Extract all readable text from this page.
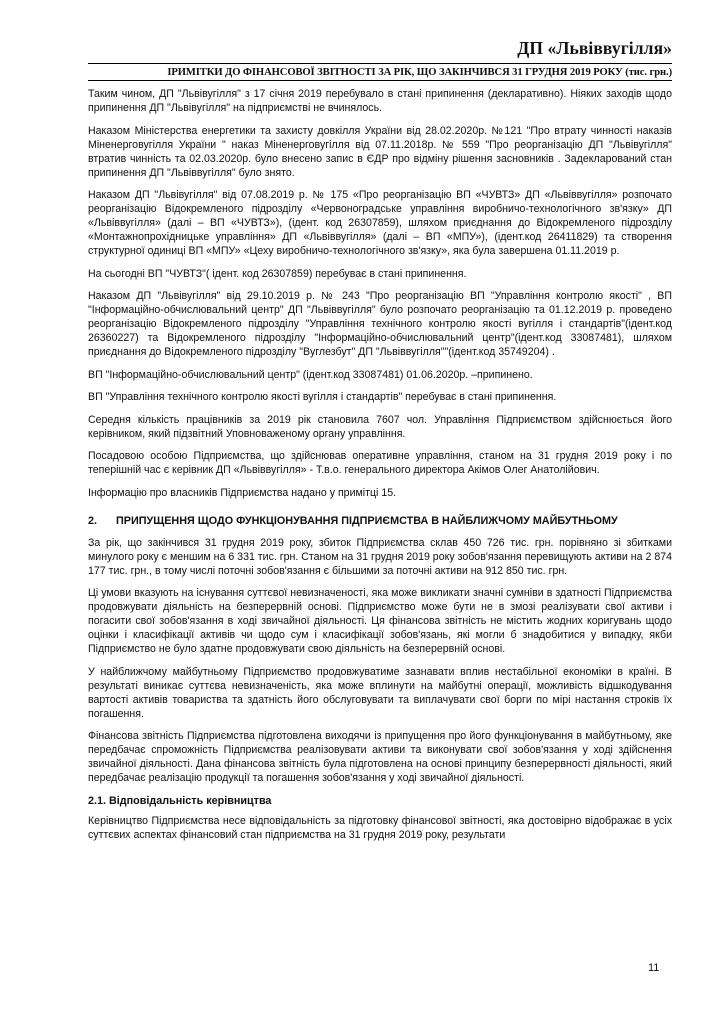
ДП «Львіввугілля»
ІРИМІТКИ ДО ФІНАНСОВОЇ ЗВІТНОСТІ ЗА РІК, ЩО ЗАКІНЧИВСЯ 31 ГРУДНЯ 2019 РОКУ (тис. грн.)

Таким чином, ДП "Львівугілля" з 17 січня 2019 перебувало в стані припинення (декларативно). Ніяких заходів щодо припинення ДП "Львівугілля" на підприємстві не вчинялось.

Наказом Міністерства енергетики та захисту довкілля України від 28.02.2020р. №121 "Про втрату чинності наказів Міненерговугілля України " наказ Міненерговугілля від 07.11.2018р. № 559 "Про реорганізацію ДП "Львівугілля" втратив чинність та 02.03.2020р. було внесено запис в ЄДР про відміну рішення засновників . Задекларований стан припинення ДП "Львіввугілля" було знято.

Наказом ДП "Львівугілля" від 07.08.2019 р. № 175 «Про реорганізацію ВП «ЧУВТЗ» ДП «Львіввугілля» розпочато реорганізацію Відокремленого підрозділу «Червоноградське управління виробничо-технологічного зв'язку» ДП «Львіввугілля» (далі – ВП «ЧУВТЗ»), (ідент. код 26307859), шляхом приєднання до Відокремленого підрозділу «Монтажнопрохідницьке управління» ДП «Львіввугілля» (далі – ВП «МПУ»), (ідент.код 26411829) та створення структурної одиниці ВП «МПУ» «Цеху виробничо-технологічного зв'язку», яка була завершена 01.11.2019 р.

На сьогодні ВП "ЧУВТЗ"( ідент. код 26307859) перебуває в стані припинення.

Наказом ДП "Львівугілля" від 29.10.2019 р. № 243 "Про реорганізацію ВП "Управління контролю якості" , ВП "Інформаційно-обчислювальний центр" ДП "Львіввугілля" було розпочато реорганізацію та 01.12.2019 р. проведено реорганізацію Відокремленого підрозділу "Управління технічного контролю якості вугілля і стандартів"(ідент.код 26360227) та Відокремленого підрозділу "Інформаційно-обчислювальний центр"(ідент.код 33087481), шляхом приєднання до Відокремленого підрозділу "Вуглезбут" ДП "Львіввугілля""(ідент.код 35749204) .

ВП "Інформаційно-обчислювальний центр" (ідент.код 33087481) 01.06.2020р. –припинено.

ВП "Управління технічного контролю якості вугілля і стандартів" перебуває в стані припинення.

Середня кількість працівників за 2019 рік становила 7607 чол. Управління Підприємством здійснюється його керівником, який підзвітний Уповноваженому органу управління.

Посадовою особою Підприємства, що здійснював оперативне управління, станом на 31 грудня 2019 року і по теперішній час є керівник ДП «Львіввугілля» - Т.в.о. генерального директора Акімов Олег Анатолійович.

Інформацію про власників Підприємства надано у примітці 15.

2.	ПРИПУЩЕННЯ ЩОДО ФУНКЦІОНУВАННЯ ПІДПРИЄМСТВА В НАЙБЛИЖЧОМУ МАЙБУТНЬОМУ

За рік, що закінчився 31 грудня 2019 року, збиток Підприємства склав 450 726 тис. грн. порівняно зі збитками минулого року є меншим на 6 331 тис. грн. Станом на 31 грудня 2019 року зобов'язання перевищують активи на 2 874 177 тис. грн., в тому числі поточні зобов'язання є більшими за поточні активи на 912 850 тис. грн.

Ці умови вказують на існування суттєвої невизначеності, яка може викликати значні сумніви в здатності Підприємства продовжувати діяльність на безперервній основі. Підприємство може бути не в змозі реалізувати свої активи і погасити свої зобов'язання в ході звичайної діяльності. Ця фінансова звітність не містить жодних коригувань щодо оцінки і класифікації активів чи щодо сум і класифікації зобов'язань, які могли б знадобитися у випадку, якби Підприємство не було здатне продовжувати свою діяльність на безперервній основі.

У найближчому майбутньому Підприємство продовжуватиме зазнавати вплив нестабільної економіки в країні. В результаті виникає суттєва невизначеність, яка може вплинути на майбутні операції, можливість відшкодування вартості активів товариства та здатність його обслуговувати та виплачувати свої борги по мірі настання строків їх погашення.

Фінансова звітність Підприємства підготовлена виходячи із припущення про його функціонування в майбутньому, яке передбачає спроможність Підприємства реалізовувати активи та виконувати свої зобов'язання у ході здійснення звичайної діяльності. Дана фінансова звітність була підготовлена на основі принципу безперервності діяльності, який передбачає реалізацію продукції та погашення зобов'язання у ході звичайної діяльності.

2.1. Відповідальність керівництва

Керівництво Підприємства несе відповідальність за підготовку фінансової звітності, яка достовірно відображає в усіх суттєвих аспектах фінансовий стан підприємства на 31 грудня 2019 року, результати

11
